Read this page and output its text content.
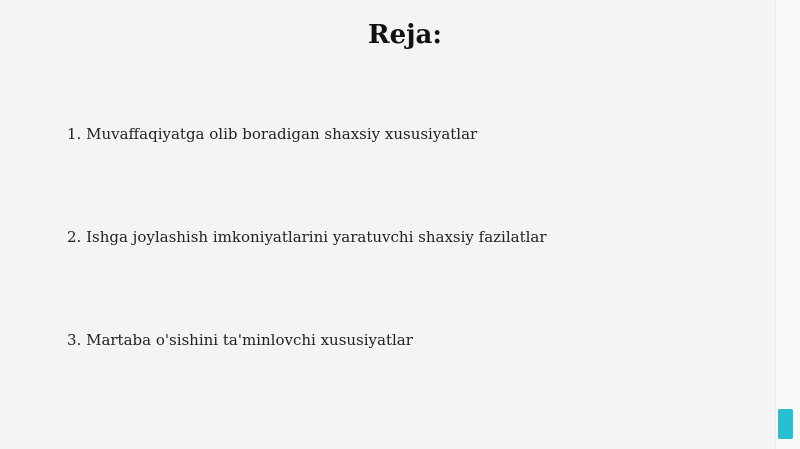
Reja:
1. Muvaffaqiyatga olib boradigan shaxsiy xususiyatlar
2. Ishga joylashish imkoniyatlarini yaratuvchi shaxsiy fazilatlar
3. Martaba o'sishini ta'minlovchi xususiyatlar
